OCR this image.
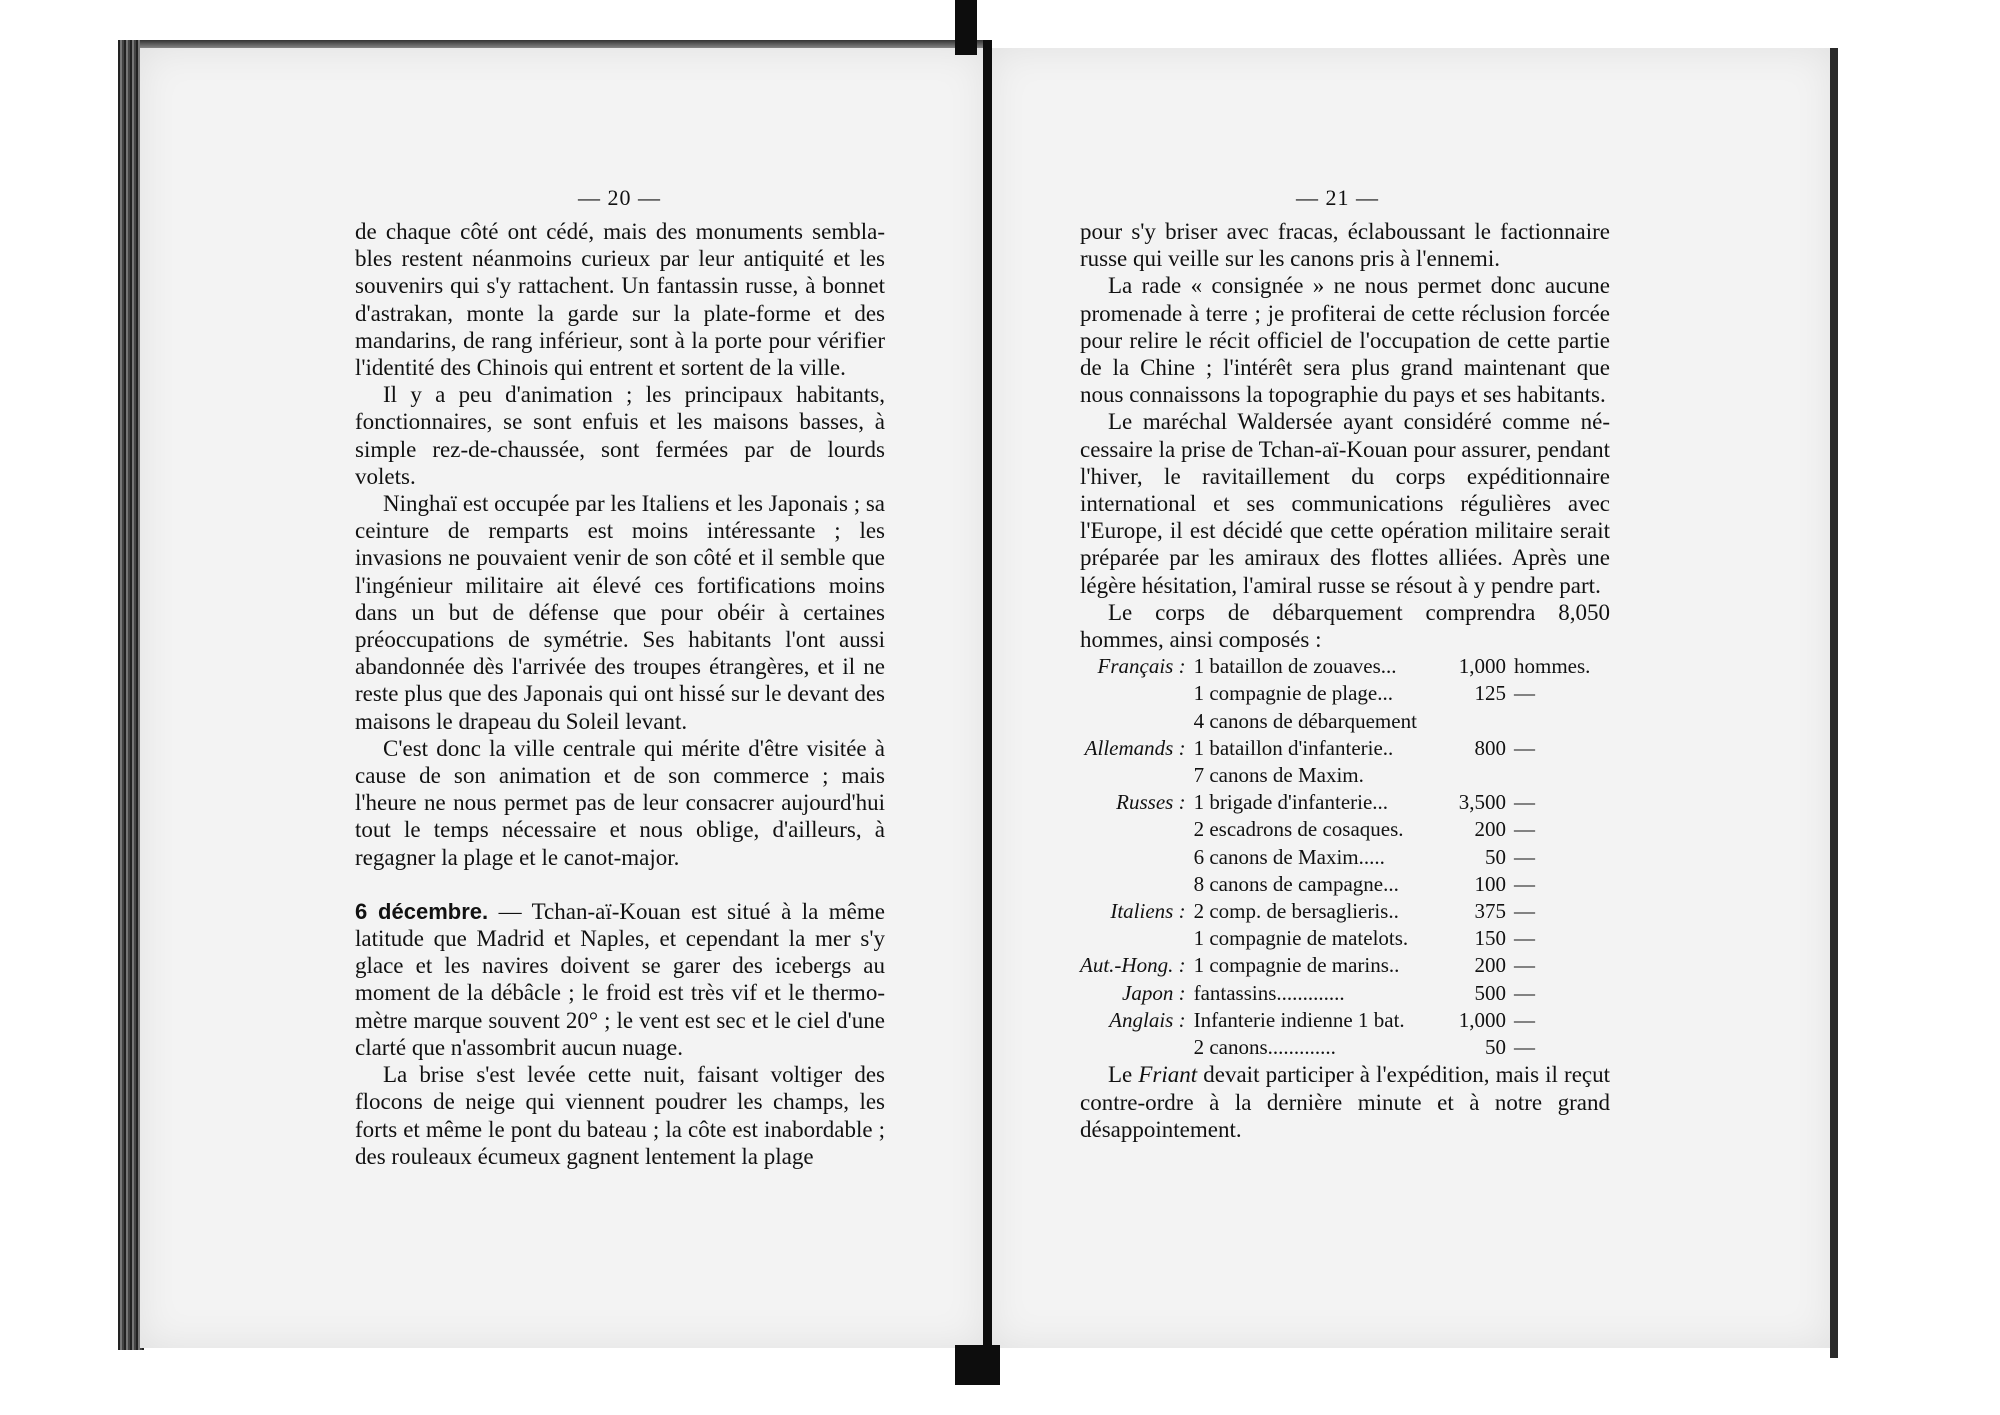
— 20 —

de chaque côté ont cédé, mais des monuments semblables restent néanmoins curieux par leur antiquité et les souvenirs qui s'y rattachent. Un fantassin russe, à bonnet d'astrakan, monte la garde sur la plate-forme et des mandarins, de rang inférieur, sont à la porte pour vérifier l'identité des Chinois qui entrent et sortent de la ville.

Il y a peu d'animation ; les principaux habitants, fonctionnaires, se sont enfuis et les maisons basses, à simple rez-de-chaussée, sont fermées par de lourds volets.

Ninghaï est occupée par les Italiens et les Japonais ; sa ceinture de remparts est moins intéressante ; les invasions ne pouvaient venir de son côté et il semble que l'ingénieur militaire ait élevé ces fortifications moins dans un but de défense que pour obéir à certaines préoccupations de symétrie. Ses habitants l'ont aussi abandonnée dès l'arrivée des troupes étrangères, et il ne reste plus que des Japonais qui ont hissé sur le devant des maisons le drapeau du Soleil levant.

C'est donc la ville centrale qui mérite d'être visitée à cause de son animation et de son commerce ; mais l'heure ne nous permet pas de leur consacrer aujourd'hui tout le temps nécessaire et nous oblige, d'ailleurs, à regagner la plage et le canot-major.

6 décembre. — Tchan-aï-Kouan est situé à la même latitude que Madrid et Naples, et cependant la mer s'y glace et les navires doivent se garer des icebergs au moment de la débâcle ; le froid est très vif et le thermomètre marque souvent 20° ; le vent est sec et le ciel d'une clarté que n'assombrit aucun nuage.

La brise s'est levée cette nuit, faisant voltiger des flocons de neige qui viennent poudrer les champs, les forts et même le pont du bateau ; la côte est inabordable ; des rouleaux écumeux gagnent lentement la plage

— 21 —

pour s'y briser avec fracas, éclaboussant le factionnaire russe qui veille sur les canons pris à l'ennemi.

La rade « consignée » ne nous permet donc aucune promenade à terre ; je profiterai de cette réclusion forcée pour relire le récit officiel de l'occupation de cette partie de la Chine ; l'intérêt sera plus grand maintenant que nous connaissons la topographie du pays et ses habitants.

Le maréchal Waldersée ayant considéré comme nécessaire la prise de Tchan-aï-Kouan pour assurer, pendant l'hiver, le ravitaillement du corps expéditionnaire international et ses communications régulières avec l'Europe, il est décidé que cette opération militaire serait préparée par les amiraux des flottes alliées. Après une légère hésitation, l'amiral russe se résout à y pendre part.

Le corps de débarquement comprendra 8,050 hommes, ainsi composés :

Français :	1 bataillon de zouaves...	1,000	hommes.
	1 compagnie de plage...	125	—
	4 canons de débarquement		
Allemands :	1 bataillon d'infanterie..	800	—
	7 canons de Maxim.		
Russes :	1 brigade d'infanterie...	3,500	—
	2 escadrons de cosaques.	200	—
	6 canons de Maxim.....	50	—
	8 canons de campagne...	100	—
Italiens :	2 comp. de bersaglieris..	375	—
	1 compagnie de matelots.	150	—
Aut.-Hong. :	1 compagnie de marins..	200	—
Japon :	fantassins.............	500	—
Anglais :	Infanterie indienne 1 bat.	1,000	—
	2 canons.............	50	—

Le Friant devait participer à l'expédition, mais il reçut contre-ordre à la dernière minute et à notre grand désappointement.
